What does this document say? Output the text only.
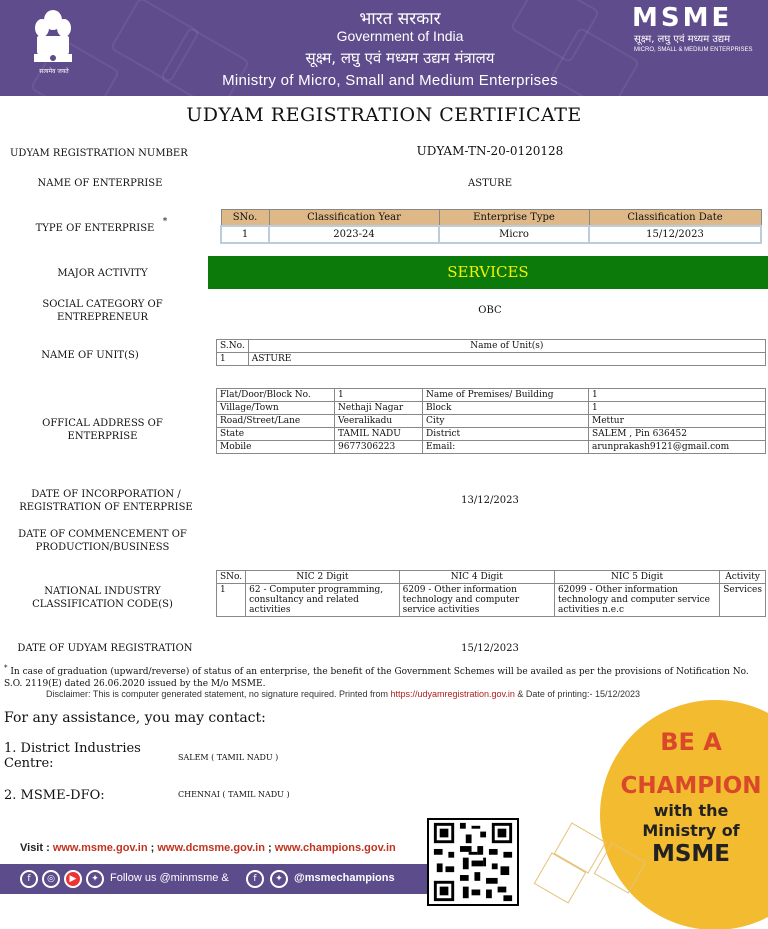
सत्यमेव जयते
भारत सरकार
Government of India
सूक्ष्म, लघु एवं मध्यम उद्यम मंत्रालय
Ministry of Micro, Small and Medium Enterprises
MSME
सूक्ष्म, लघु एवं मध्यम उद्यम
MICRO, SMALL & MEDIUM ENTERPRISES
UDYAM REGISTRATION CERTIFICATE
UDYAM REGISTRATION NUMBER	UDYAM-TN-20-0120128
NAME OF ENTERPRISE	ASTURE
TYPE OF ENTERPRISE
*	SNo.	Classification Year	Enterprise Type	Classification Date
1	2023-24	Micro	15/12/2023
MAJOR ACTIVITY	SERVICES
SOCIAL CATEGORY OF ENTREPRENEUR
OBC
NAME OF UNIT(S)
S.No.	Name of Unit(s)
1	ASTURE
OFFICAL ADDRESS OF ENTERPRISE
Flat/Door/Block No.	1	Name of Premises/ Building	1
Village/Town	Nethaji Nagar	Block	1
Road/Street/Lane	Veeralikadu	City	Mettur
State	TAMIL NADU	District	SALEM , Pin 636452
Mobile	9677306223	Email:	arunprakash9121@gmail.com
DATE OF INCORPORATION / REGISTRATION OF ENTERPRISE
13/12/2023
DATE OF COMMENCEMENT OF PRODUCTION/BUSINESS
NATIONAL INDUSTRY CLASSIFICATION CODE(S)
SNo.	NIC 2 Digit	NIC 4 Digit	NIC 5 Digit	Activity
1	62 - Computer programming, consultancy and related activities	6209 - Other information technology and computer service activities	62099 - Other information technology and computer service activities n.e.c	Services
DATE OF UDYAM REGISTRATION	15/12/2023
* In case of graduation (upward/reverse) of status of an enterprise, the benefit of the Government Schemes will be availed as per the provisions of Notification No. S.O. 2119(E) dated 26.06.2020 issued by the M/o MSME.
Disclaimer: This is computer generated statement, no signature required. Printed from https://udyamregistration.gov.in & Date of printing:- 15/12/2023
BE A
CHAMPION
with the
Ministry of
MSME
For any assistance, you may contact:
1. District Industries Centre:	SALEM ( TAMIL NADU )
2. MSME-DFO:	CHENNAI ( TAMIL NADU )
Visit : www.msme.gov.in ; www.dcmsme.gov.in ; www.champions.gov.in
f	◎	▶	✦	Follow us @minmsme &	f	✦	@msmechampions
